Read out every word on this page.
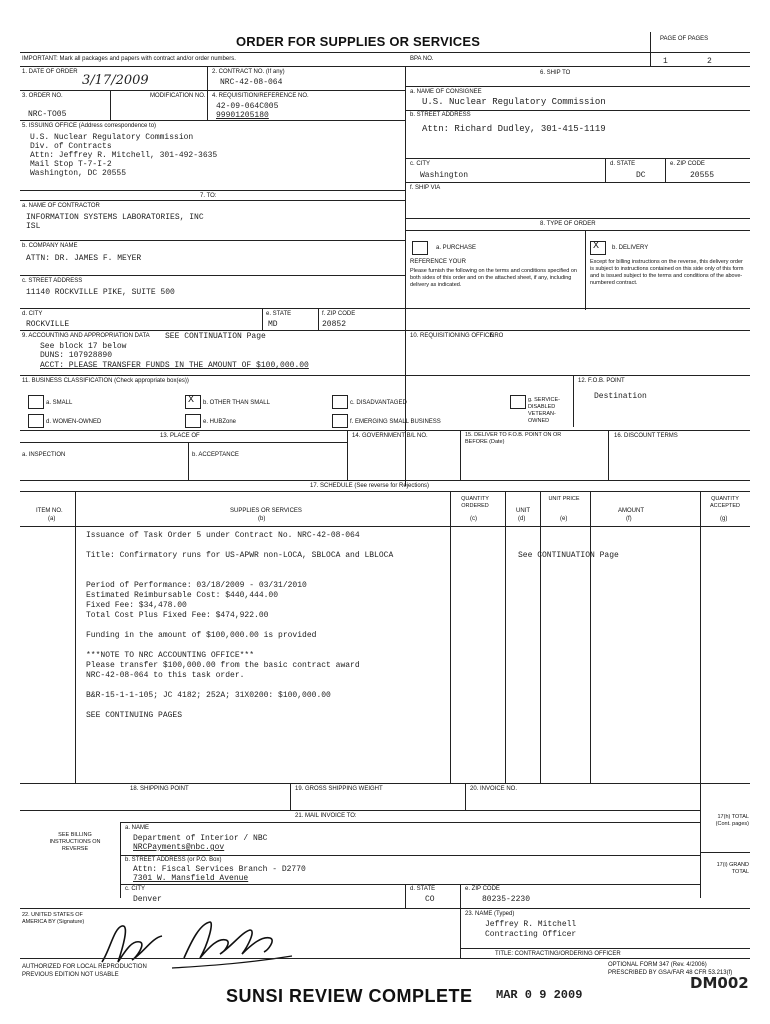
ORDER FOR SUPPLIES OR SERVICES	PAGE OF PAGES
1	2
IMPORTANT: Mark all packages and papers with contract and/or order numbers.	BPA NO.
1. DATE OF ORDER
3/17/2009
2. CONTRACT NO. (If any)
NRC-42-08-064
6. SHIP TO
3. ORDER NO.
NRC-TO05
MODIFICATION NO. 4. REQUISITION/REFERENCE NO.
42-09-064C005
99901205180
a. NAME OF CONSIGNEE
U.S. Nuclear Regulatory Commission
b. STREET ADDRESS
Attn: Richard Dudley, 301-415-1119
5. ISSUING OFFICE (Address correspondence to)
U.S. Nuclear Regulatory Commission
Div. of Contracts
Attn: Jeffrey R. Mitchell, 301-492-3635
Mail Stop T-7-I-2
Washington, DC 20555
c. CITY
Washington
d. STATE
DC
e. ZIP CODE
20555
f. SHIP VIA
7. TO:
a. NAME OF CONTRACTOR
INFORMATION SYSTEMS LABORATORIES, INC
ISL	8. TYPE OF ORDER
a. PURCHASE
REFERENCE YOUR
Please furnish the following on the terms and conditions specified on both sides of this order and on the attached sheet, if any, including delivery as indicated.
X b. DELIVERY
Except for billing instructions on the reverse, this delivery order is subject to instructions contained on this side only of this form and is issued subject to the terms and conditions of the above-numbered contract.
b. COMPANY NAME
ATTN: DR. JAMES F. MEYER
c. STREET ADDRESS
11140 ROCKVILLE PIKE, SUITE 500
d. CITY
ROCKVILLE
e. STATE
MD
f. ZIP CODE
20852
9. ACCOUNTING AND APPROPRIATION DATA SEE CONTINUATION Page
See block 17 below
DUNS: 107928890
ACCT: PLEASE TRANSFER FUNDS IN THE AMOUNT OF $100,000.00
10. REQUISITIONING OFFICE
NRO
11. BUSINESS CLASSIFICATION (Check appropriate box(es))	12. F.O.B. POINT
Destination
a. SMALL	X b. OTHER THAN SMALL	c. DISADVANTAGED	g. SERVICE-DISABLED VETERAN-OWNED
d. WOMEN-OWNED	e. HUBZone	f. EMERGING SMALL BUSINESS
13. PLACE OF	14. GOVERNMENT B/L NO.	15. DELIVER TO F.O.B. POINT ON OR BEFORE (Date)
16. DISCOUNT TERMS
a. INSPECTION	b. ACCEPTANCE
17. SCHEDULE (See reverse for Rejections)
ITEM NO.
(a)
SUPPLIES OR SERVICES
(b)
QUANTITY ORDERED
(c)
UNIT
(d)
UNIT PRICE
(e)
AMOUNT
(f)
QUANTITY ACCEPTED
(g)
See CONTINUATION Page
Issuance of Task Order 5 under Contract No. NRC-42-08-064
Title: Confirmatory runs for US-APWR non-LOCA, SBLOCA and LBLOCA
Period of Performance: 03/18/2009 - 03/31/2010
Estimated Reimbursable Cost: $440,444.00
Fixed Fee: $34,478.00
Total Cost Plus Fixed Fee: $474,922.00
Funding in the amount of $100,000.00 is provided
***NOTE TO NRC ACCOUNTING OFFICE***
Please transfer $100,000.00 from the basic contract award
NRC-42-08-064 to this task order.
B&R-15-1-1-105; JC 4182; 252A; 31X0200: $100,000.00
SEE CONTINUING PAGES
18. SHIPPING POINT	19. GROSS SHIPPING WEIGHT	20. INVOICE NO.
21. MAIL INVOICE TO:
SEE BILLING INSTRUCTIONS ON REVERSE
a. NAME
Department of Interior / NBC
NRCPayments@nbc.gov
b. STREET ADDRESS (or P.O. Box)
Attn: Fiscal Services Branch - D2770
7301 W. Mansfield Avenue
c. CITY
Denver
d. STATE
CO
e. ZIP CODE
80235-2230
17(h) TOTAL (Cont. pages)
17(i) GRAND TOTAL
22. UNITED STATES OF AMERICA BY (Signature)
23. NAME (Typed)
Jeffrey R. Mitchell
Contracting Officer
TITLE: CONTRACTING/ORDERING OFFICER
AUTHORIZED FOR LOCAL REPRODUCTION
PREVIOUS EDITION NOT USABLE
SUNSI REVIEW COMPLETE MAR 0 9 2009
OPTIONAL FORM 347 (Rev. 4/2006)
PRESCRIBED BY GSA/FAR 48 CFR 53.213(f)
DM002
